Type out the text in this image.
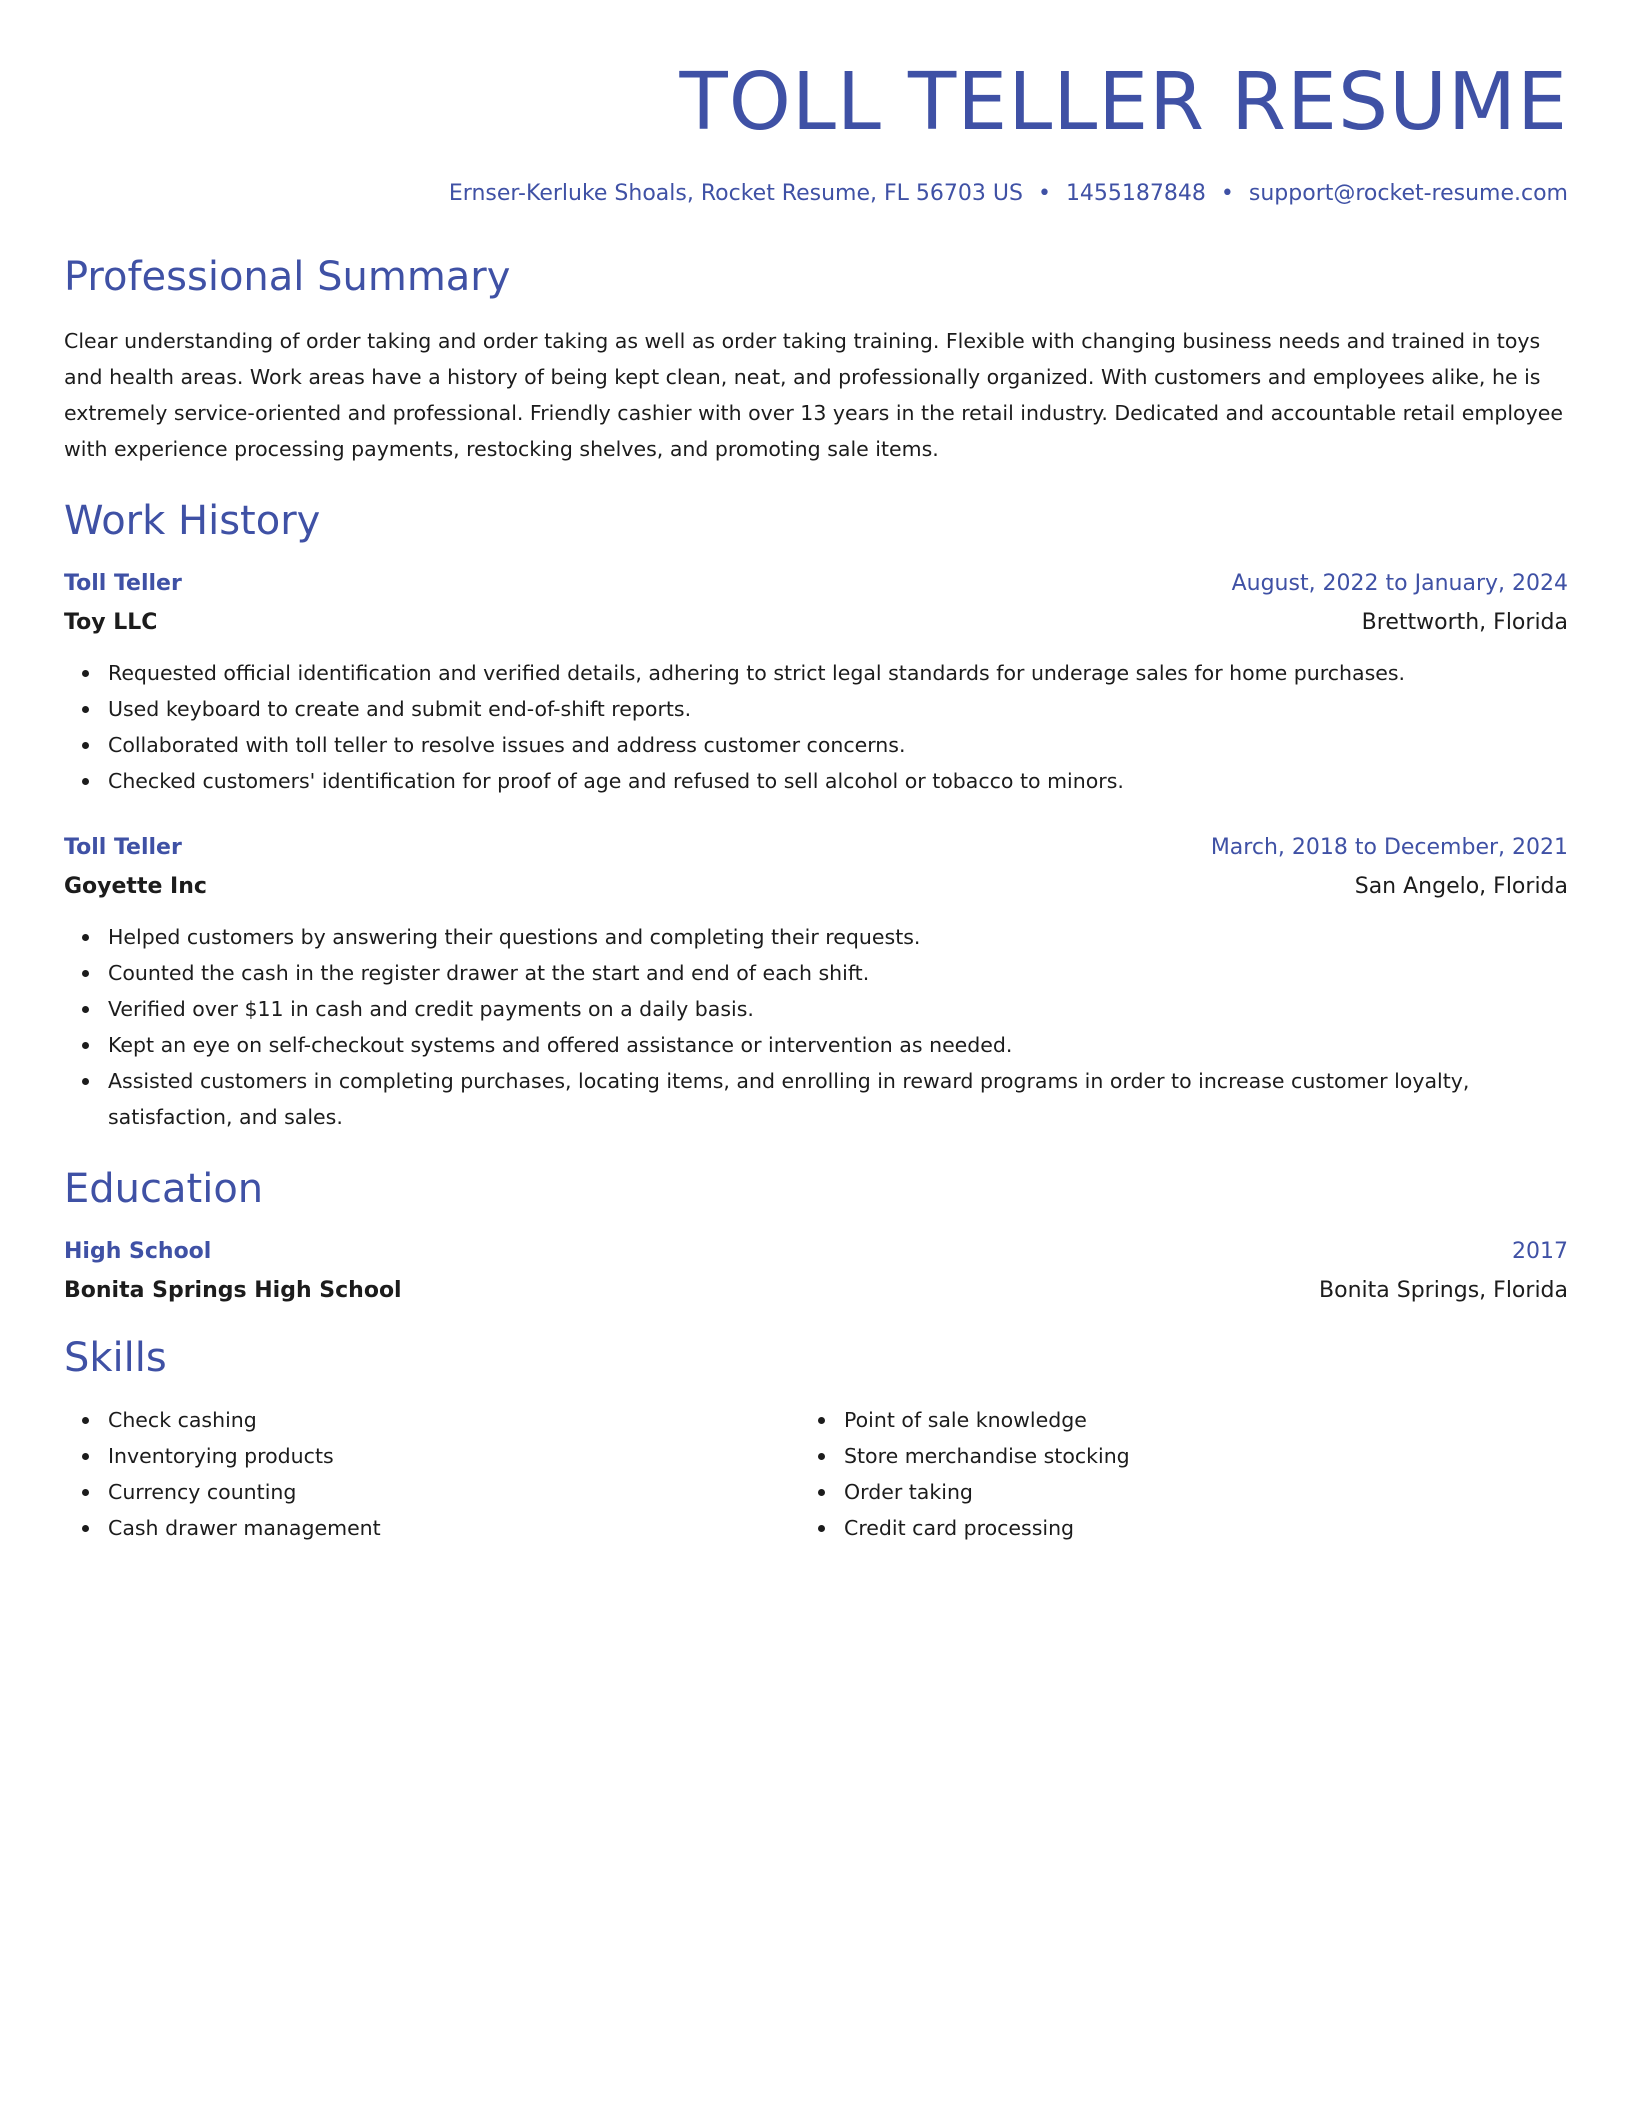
TOLL TELLER RESUME
Ernser-Kerluke Shoals, Rocket Resume, FL 56703 US • 1455187848 • support@rocket-resume.com
Professional Summary

Clear understanding of order taking and order taking as well as order taking training. Flexible with changing business needs and trained in toys and health areas. Work areas have a history of being kept clean, neat, and professionally organized. With customers and employees alike, he is extremely service-oriented and professional. Friendly cashier with over 13 years in the retail industry. Dedicated and accountable retail employee with experience processing payments, restocking shelves, and promoting sale items.

Work History
Toll Teller	August, 2022 to January, 2024
Toy LLC	Brettworth, Florida
Requested official identification and verified details, adhering to strict legal standards for underage sales for home purchases.
Used keyboard to create and submit end-of-shift reports.
Collaborated with toll teller to resolve issues and address customer concerns.
Checked customers' identification for proof of age and refused to sell alcohol or tobacco to minors.
Toll Teller	March, 2018 to December, 2021
Goyette Inc	San Angelo, Florida
Helped customers by answering their questions and completing their requests.
Counted the cash in the register drawer at the start and end of each shift.
Verified over $11 in cash and credit payments on a daily basis.
Kept an eye on self-checkout systems and offered assistance or intervention as needed.
Assisted customers in completing purchases, locating items, and enrolling in reward programs in order to increase customer loyalty, satisfaction, and sales.
Education
High School	2017
Bonita Springs High School	Bonita Springs, Florida
Skills
Check cashing
Inventorying products
Currency counting
Cash drawer management
Point of sale knowledge
Store merchandise stocking
Order taking
Credit card processing
